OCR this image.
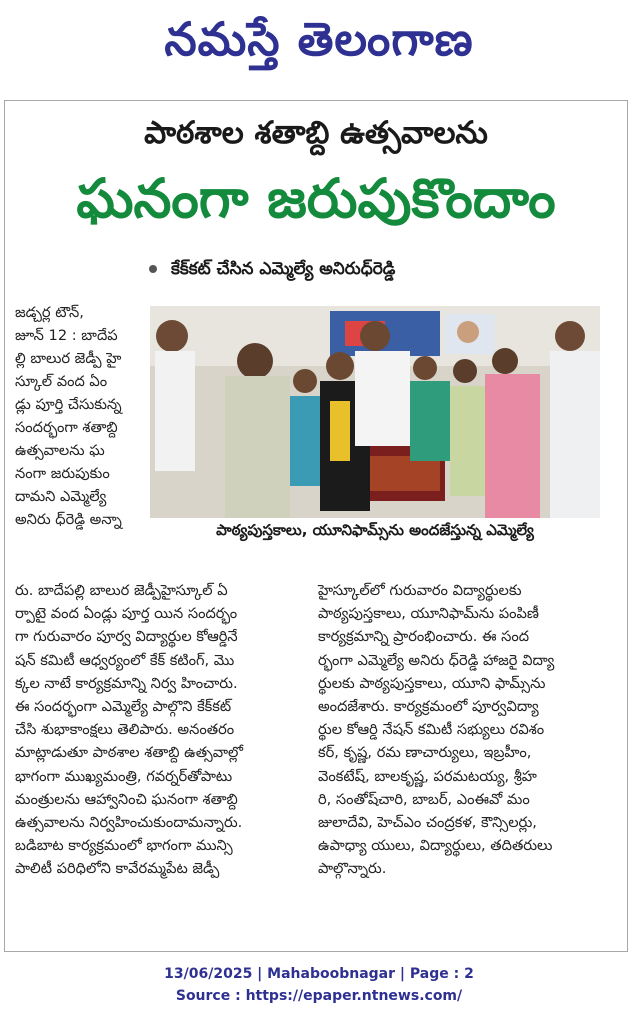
నమస్తే తెలంగాణ
పాఠశాల శతాబ్ది ఉత్సవాలను
ఘనంగా జరుపుకొందాం
కేక్‌కట్ చేసిన ఎమ్మెల్యే అనిరుధ్‌రెడ్డి
జడ్చర్ల టౌన్,
జూన్ 12 : బాదేప
ల్లి బాలుర జెడ్పీ హై
స్కూల్ వంద ఏం
డ్లు పూర్తి చేసుకున్న
సందర్భంగా శతాబ్ది
ఉత్సవాలను ఘ
నంగా జరుపుకుం
దామని ఎమ్మెల్యే
అనిరు ధ్‌రెడ్డి అన్నా
పాఠ్యపుస్తకాలు, యూనిఫామ్స్‌ను అందజేస్తున్న ఎమ్మెల్యే
రు. బాదేపల్లి బాలుర జెడ్పీహైస్కూల్ ఏ
ర్పాటై వంద ఏండ్లు పూర్త యిన సందర్భం
గా గురువారం పూర్వ విద్యార్థుల కోఆర్డినే
షన్ కమిటీ ఆధ్వర్యంలో కేక్ కటింగ్, మొ
క్కల నాటే కార్యక్రమాన్ని నిర్వ హించారు.
ఈ సందర్భంగా ఎమ్మెల్యే పాల్గొని కేక్‌కట్
చేసి శుభాకాంక్షలు తెలిపారు. అనంతరం
మాట్లాడుతూ పాఠశాల శతాబ్ది ఉత్సవాల్లో
భాగంగా ముఖ్యమంత్రి, గవర్నర్‌తోపాటు
మంత్రులను ఆహ్వానించి ఘనంగా శతాబ్ది
ఉత్సవాలను నిర్వహించుకుందామన్నారు.
బడిబాట కార్యక్రమంలో భాగంగా మున్సి
పాలిటీ పరిధిలోని కావేరమ్మపేట జెడ్పీ
హైస్కూల్‌లో గురువారం విద్యార్థులకు
పాఠ్యపుస్తకాలు, యూనిఫామ్‌ను పంపిణీ
కార్యక్రమాన్ని ప్రారంభించారు. ఈ సంద
ర్భంగా ఎమ్మెల్యే అనిరు ధ్‌రెడ్డి హాజరై విద్యా
ర్థులకు పాఠ్యపుస్తకాలు, యూని ఫామ్స్‌ను
అందజేశారు. కార్యక్రమంలో పూర్వవిద్యా
ర్థుల కోఆర్డి నేషన్ కమిటీ సభ్యులు రవిశం
కర్, కృష్ణ, రమ ణాచార్యులు, ఇబ్రహీం,
వెంకటేష్, బాలకృష్ణ, పరమటయ్య, శ్రీహ
రి, సంతోష్‌చారి, బాబర్, ఎంఈవో మం
జులాదేవి, హెచ్‌ఎం చంద్రకళ, కౌన్సిలర్లు,
ఉపాధ్యా యులు, విద్యార్థులు, తదితరులు
పాల్గొన్నారు.
13/06/2025 | Mahaboobnagar | Page : 2
Source : https://epaper.ntnews.com/
